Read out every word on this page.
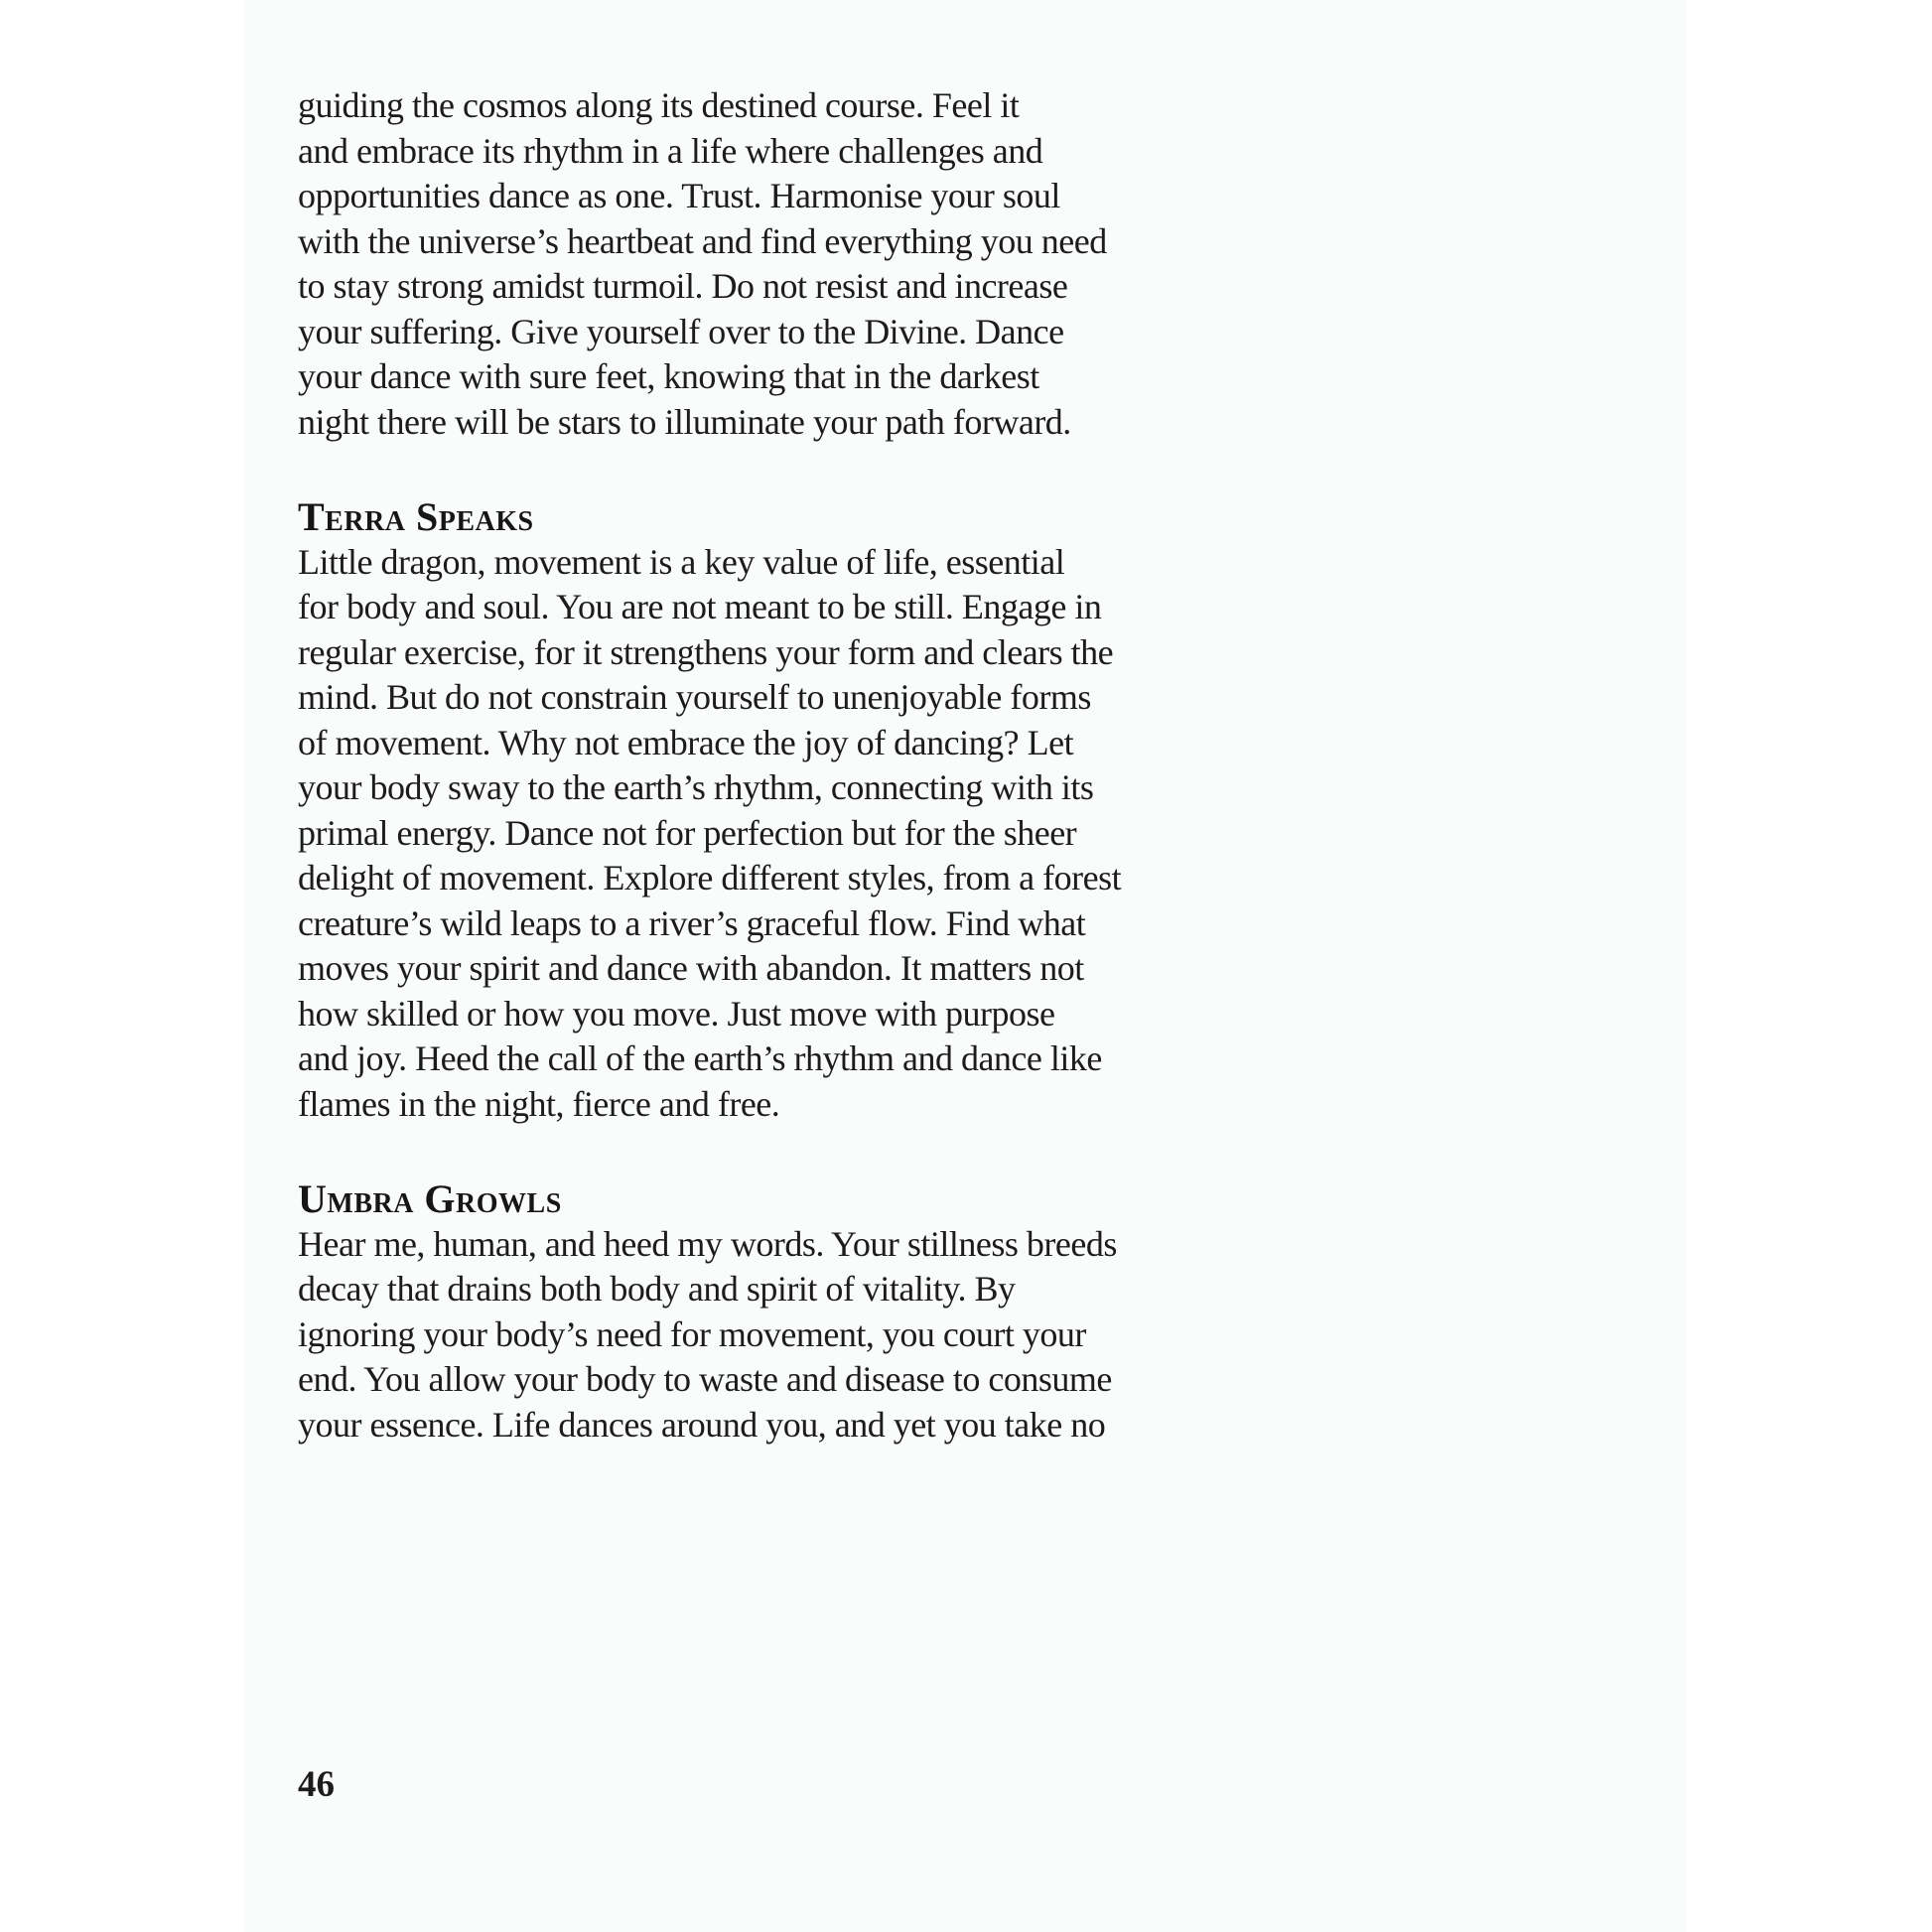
guiding the cosmos along its destined course. Feel it
and embrace its rhythm in a life where challenges and
opportunities dance as one. Trust. Harmonise your soul
with the universe’s heartbeat and find everything you need
to stay strong amidst turmoil. Do not resist and increase
your suffering. Give yourself over to the Divine. Dance
your dance with sure feet, knowing that in the darkest
night there will be stars to illuminate your path forward.
Terra Speaks
Little dragon, movement is a key value of life, essential
for body and soul. You are not meant to be still. Engage in
regular exercise, for it strengthens your form and clears the
mind. But do not constrain yourself to unenjoyable forms
of movement. Why not embrace the joy of dancing? Let
your body sway to the earth’s rhythm, connecting with its
primal energy. Dance not for perfection but for the sheer
delight of movement. Explore different styles, from a forest
creature’s wild leaps to a river’s graceful flow. Find what
moves your spirit and dance with abandon. It matters not
how skilled or how you move. Just move with purpose
and joy. Heed the call of the earth’s rhythm and dance like
flames in the night, fierce and free.
Umbra Growls
Hear me, human, and heed my words. Your stillness breeds
decay that drains both body and spirit of vitality. By
ignoring your body’s need for movement, you court your
end. You allow your body to waste and disease to consume
your essence. Life dances around you, and yet you take no
46
